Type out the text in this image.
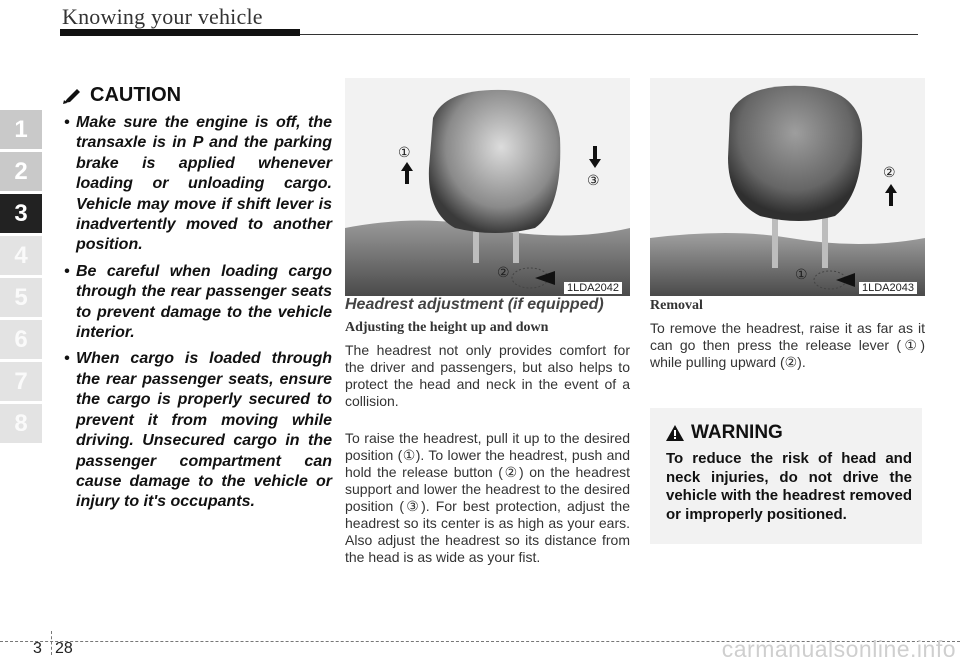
Knowing your vehicle
1
2
3
4
5
6
7
8
CAUTION
• Make sure the engine is off, the transaxle is in P and the parking brake is applied whenever loading or unloading cargo. Vehicle may move if shift lever is inadvertently moved to another position.
• Be careful when loading cargo through the rear passenger seats to prevent damage to the vehicle interior.
• When cargo is loaded through the rear passenger seats, ensure the cargo is properly secured to prevent it from moving while driving. Unsecured cargo in the passenger compartment can cause damage to the vehicle or injury to it's occupants.
①
③
②
1LDA2042
②
①
1LDA2043

Headrest adjustment (if equipped)

Adjusting the height up and down

The headrest not only provides comfort for the driver and passengers, but also helps to protect the head and neck in the event of a collision.

To raise the headrest, pull it up to the desired position (①). To lower the headrest, push and hold the release button (②) on the headrest support and lower the headrest to the desired position (③). For best protection, adjust the headrest so its center is as high as your ears. Also adjust the headrest so its distance from the head is as wide as your fist.

Removal

To remove the headrest, raise it as far as it can go then press the release lever (①) while pulling upward (②).

WARNING
To reduce the risk of head and neck injuries, do not drive the vehicle with the headrest removed or improperly positioned.
3 28	carmanualsonline.info
